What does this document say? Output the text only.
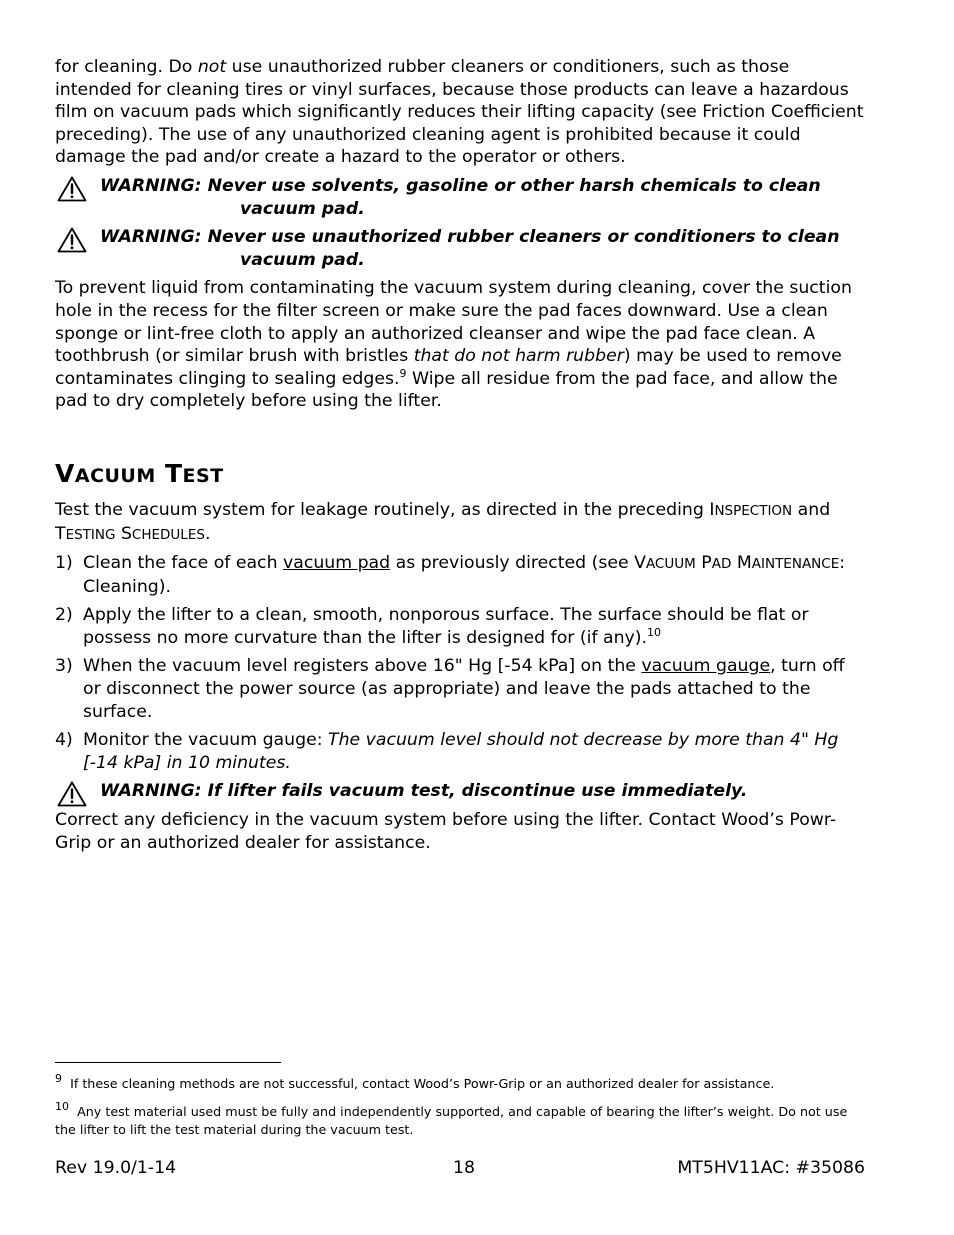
for cleaning. Do not use unauthorized rubber cleaners or conditioners, such as those intended for cleaning tires or vinyl surfaces, because those products can leave a hazardous film on vacuum pads which significantly reduces their lifting capacity (see Friction Coefficient preceding). The use of any unauthorized cleaning agent is prohibited because it could damage the pad and/or create a hazard to the operator or others.

WARNING: Never use solvents, gasoline or other harsh chemicals to clean
vacuum pad.
WARNING: Never use unauthorized rubber cleaners or conditioners to clean
vacuum pad.

To prevent liquid from contaminating the vacuum system during cleaning, cover the suction hole in the recess for the filter screen or make sure the pad faces downward. Use a clean sponge or lint-free cloth to apply an authorized cleanser and wipe the pad face clean. A toothbrush (or similar brush with bristles that do not harm rubber) may be used to remove contaminates clinging to sealing edges.$^9$ Wipe all residue from the pad face, and allow the pad to dry completely before using the lifter.

VACUUM TEST

Test the vacuum system for leakage routinely, as directed in the preceding INSPECTION and TESTING SCHEDULES.

1) Clean the face of each vacuum pad as previously directed (see VACUUM PAD MAINTENANCE: Cleaning).
2) Apply the lifter to a clean, smooth, nonporous surface. The surface should be flat or possess no more curvature than the lifter is designed for (if any).$^{10}$
3) When the vacuum level registers above 16" Hg [-54 kPa] on the vacuum gauge, turn off or disconnect the power source (as appropriate) and leave the pads attached to the surface.
4) Monitor the vacuum gauge: The vacuum level should not decrease by more than 4" Hg [-14 kPa] in 10 minutes.
WARNING: If lifter fails vacuum test, discontinue use immediately.

Correct any deficiency in the vacuum system before using the lifter. Contact Wood’s Powr-Grip or an authorized dealer for assistance.

$^9$ If these cleaning methods are not successful, contact Wood’s Powr-Grip or an authorized dealer for assistance.
$^{10}$ Any test material used must be fully and independently supported, and capable of bearing the lifter’s weight. Do not use the lifter to lift the test material during the vacuum test.
Rev 19.0/1-14	18	MT5HV11AC: #35086
